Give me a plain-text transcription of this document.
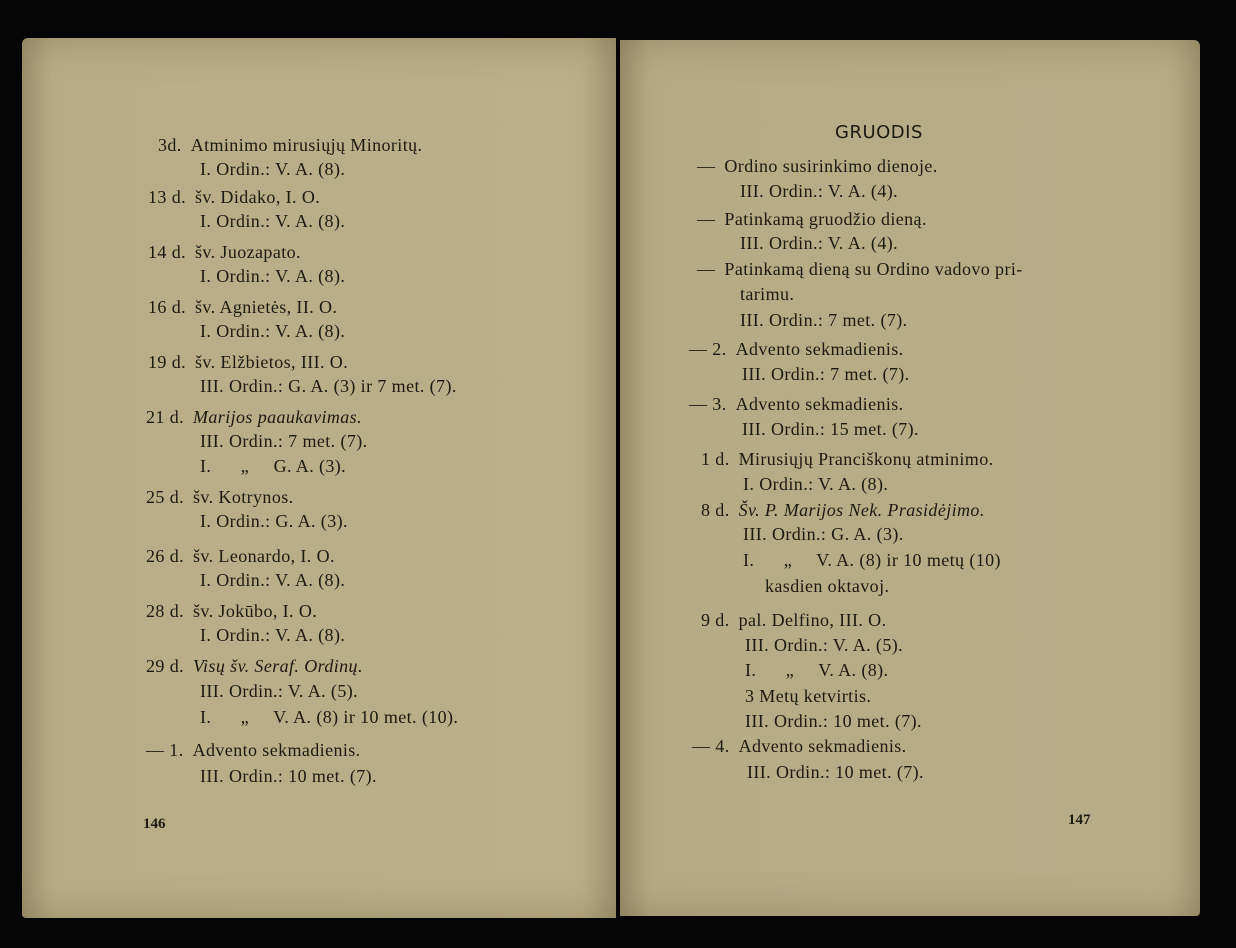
3d. Atminimo mirusiųjų Minoritų.
I. Ordin.: V. A. (8).
13 d. šv. Didako, I. O.
I. Ordin.: V. A. (8).
14 d. šv. Juozapato.
I. Ordin.: V. A. (8).
16 d. šv. Agnietės, II. O.
I. Ordin.: V. A. (8).
19 d. šv. Elžbietos, III. O.
III. Ordin.: G. A. (3) ir 7 met. (7).
21 d. Marijos paaukavimas.
III. Ordin.: 7 met. (7).
I.      „     G. A. (3).
25 d. šv. Kotrynos.
I. Ordin.: G. A. (3).
26 d. šv. Leonardo, I. O.
I. Ordin.: V. A. (8).
28 d. šv. Jokūbo, I. O.
I. Ordin.: V. A. (8).
29 d. Visų šv. Seraf. Ordinų.
III. Ordin.: V. A. (5).
I.      „     V. A. (8) ir 10 met. (10).
— 1. Advento sekmadienis.
III. Ordin.: 10 met. (7).
— Ordino susirinkimo dienoje.
III. Ordin.: V. A. (4).
— Patinkamą gruodžio dieną.
III. Ordin.: V. A. (4).
— Patinkamą dieną su Ordino vadovo pri-
tarimu.
III. Ordin.: 7 met. (7).
— 2. Advento sekmadienis.
III. Ordin.: 7 met. (7).
— 3. Advento sekmadienis.
III. Ordin.: 15 met. (7).
1 d. Mirusiųjų Pranciškonų atminimo.
I. Ordin.: V. A. (8).
8 d. Šv. P. Marijos Nek. Prasidėjimo.
III. Ordin.: G. A. (3).
I.      „     V. A. (8) ir 10 metų (10)
kasdien oktavoj.
9 d. pal. Delfino, III. O.
III. Ordin.: V. A. (5).
I.      „     V. A. (8).
3 Metų ketvirtis.
III. Ordin.: 10 met. (7).
— 4. Advento sekmadienis.
III. Ordin.: 10 met. (7).
GRUODIS
146	147
